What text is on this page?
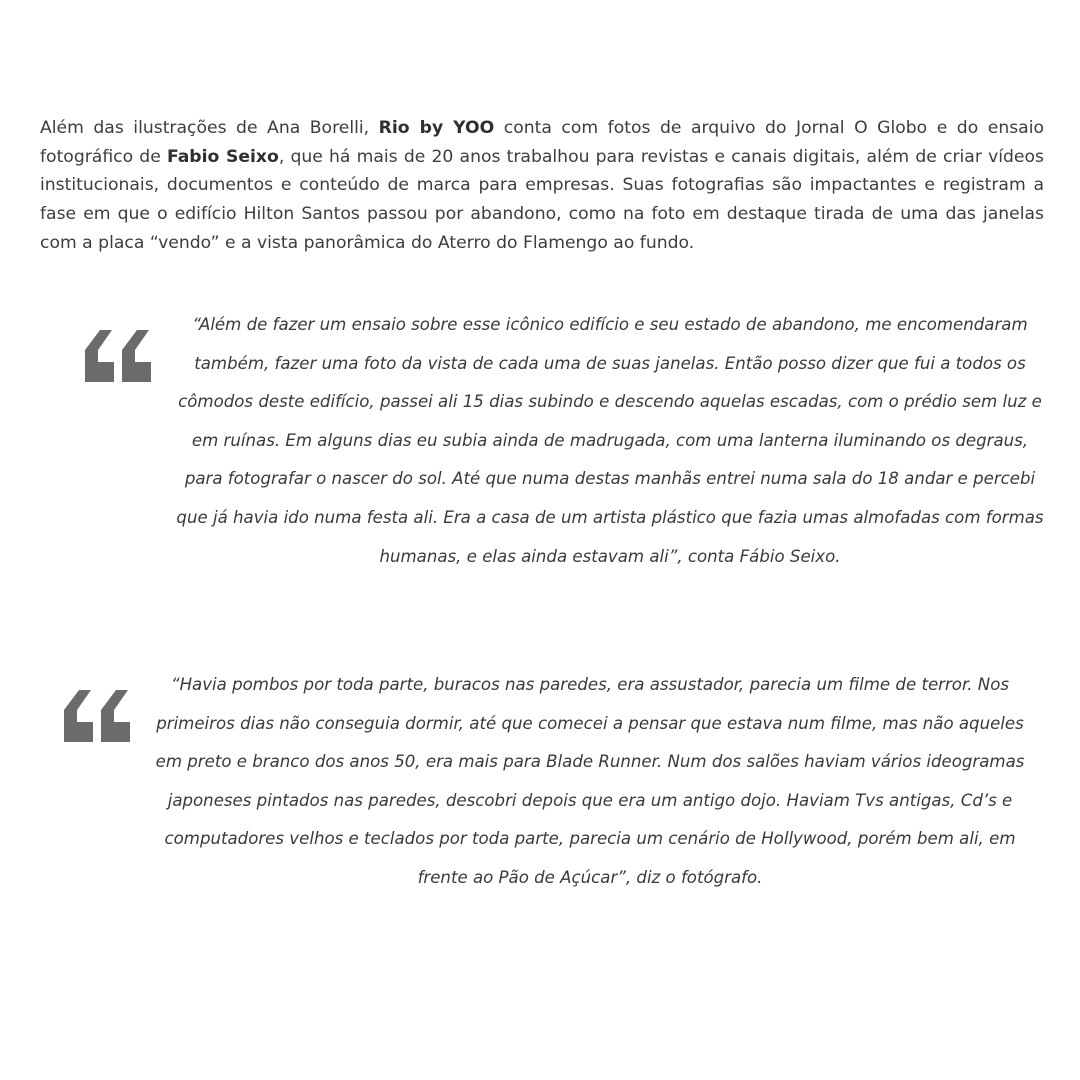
Além das ilustrações de Ana Borelli, Rio by YOO conta com fotos de arquivo do Jornal O Globo e do ensaio fotográfico de Fabio Seixo, que há mais de 20 anos trabalhou para revistas e canais digitais, além de criar vídeos institucionais, documentos e conteúdo de marca para empresas. Suas fotografias são impactantes e registram a fase em que o edifício Hilton Santos passou por abandono, como na foto em destaque tirada de uma das janelas com a placa “vendo” e a vista panorâmica do Aterro do Flamengo ao fundo.

“Além de fazer um ensaio sobre esse icônico edifício e seu estado de abandono, me encomendaram também, fazer uma foto da vista de cada uma de suas janelas. Então posso dizer que fui a todos os cômodos deste edifício, passei ali 15 dias subindo e descendo aquelas escadas, com o prédio sem luz e em ruínas. Em alguns dias eu subia ainda de madrugada, com uma lanterna iluminando os degraus, para fotografar o nascer do sol. Até que numa destas manhãs entrei numa sala do 18 andar e percebi que já havia ido numa festa ali. Era a casa de um artista plástico que fazia umas almofadas com formas humanas, e elas ainda estavam ali”, conta Fábio Seixo.

“Havia pombos por toda parte, buracos nas paredes, era assustador, parecia um filme de terror. Nos primeiros dias não conseguia dormir, até que comecei a pensar que estava num filme, mas não aqueles em preto e branco dos anos 50, era mais para Blade Runner. Num dos salões haviam vários ideogramas japoneses pintados nas paredes, descobri depois que era um antigo dojo. Haviam Tvs antigas, Cd’s e computadores velhos e teclados por toda parte, parecia um cenário de Hollywood, porém bem ali, em frente ao Pão de Açúcar”, diz o fotógrafo.
